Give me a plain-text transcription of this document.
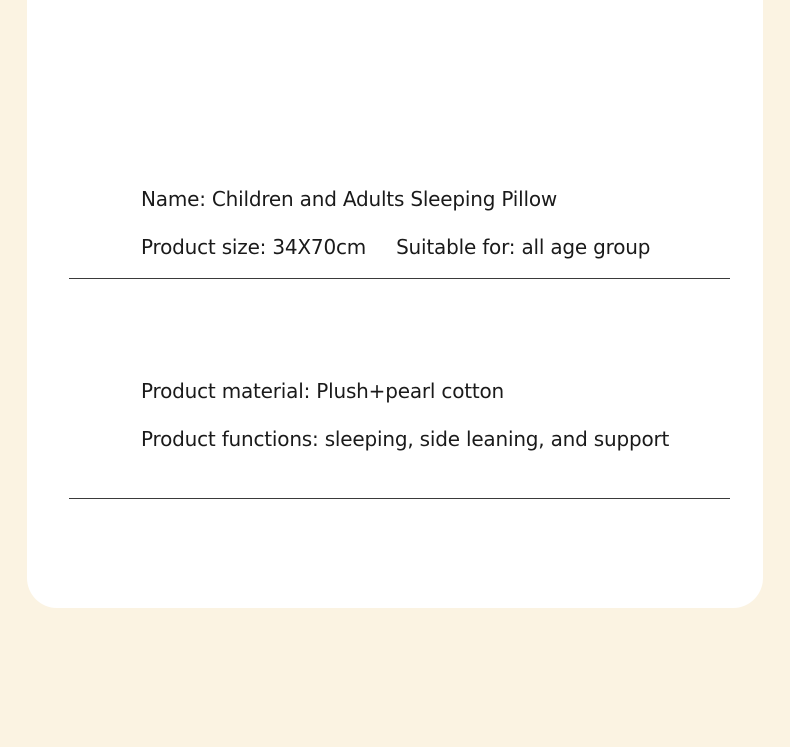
Name: Children and Adults Sleeping Pillow
Product size: 34X70cm Suitable for: all age group
Product material: Plush+pearl cotton
Product functions: sleeping, side leaning, and support
